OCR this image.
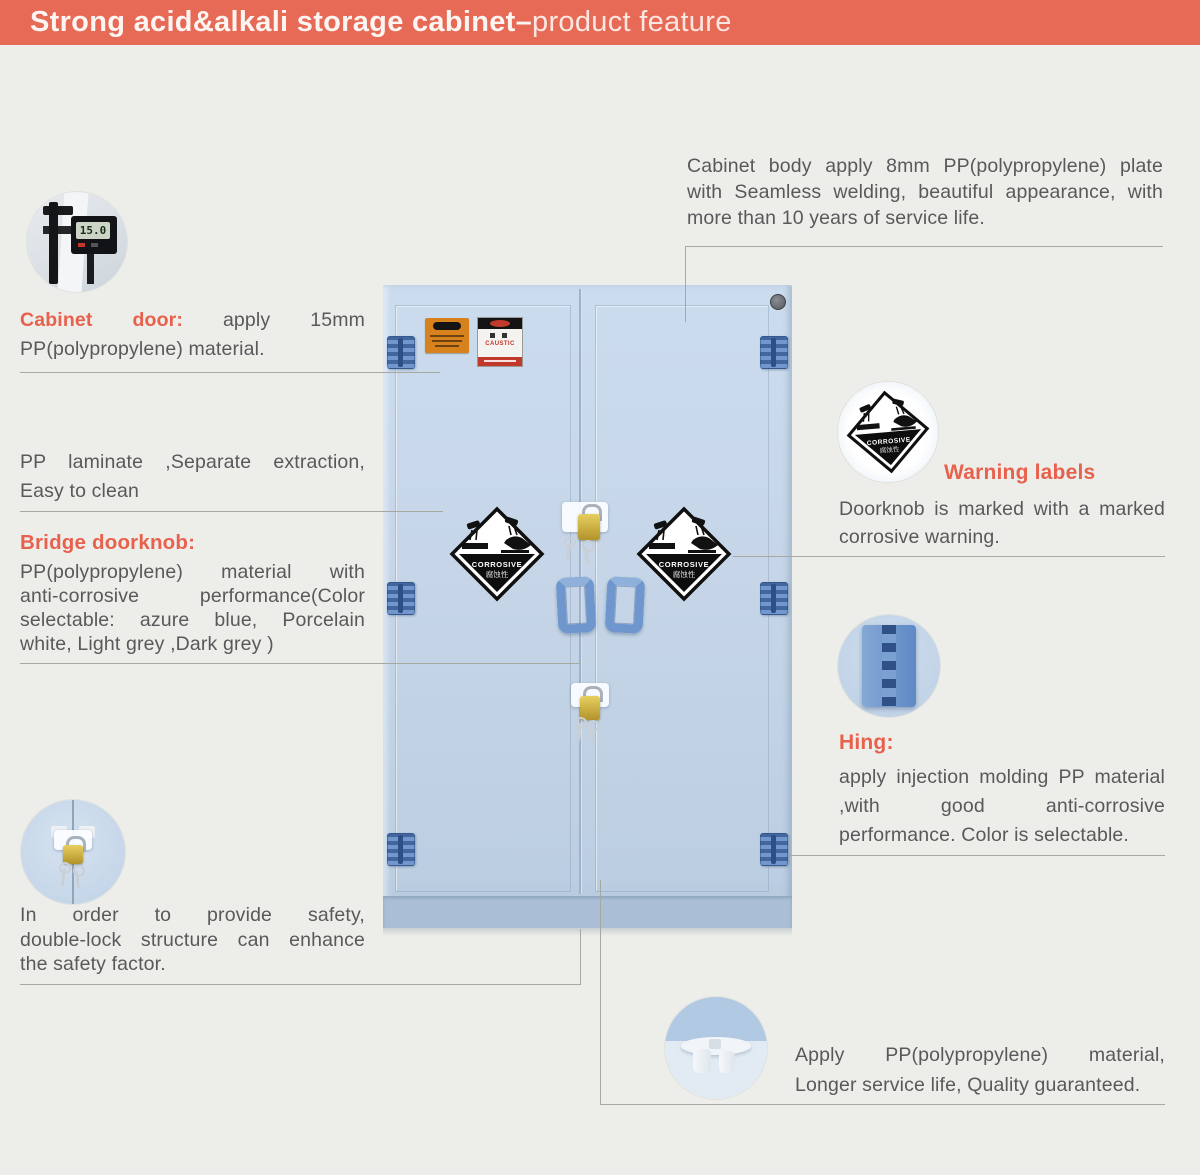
Strong acid&alkali storage cabinet– product feature
CAUSTIC
CORROSIVE
腐蚀性
CORROSIVE
腐蚀性
15.0
Cabinet door: apply 15mm
PP(polypropylene) material.
PP laminate ,Separate extraction,
Easy to clean
Bridge doorknob:
PP(polypropylene) material with
anti-corrosive performance(Color
selectable: azure blue, Porcelain
white, Light grey ,Dark grey )
In order to provide safety,
double-lock structure can enhance
the safety factor.
Cabinet body apply 8mm PP(polypropylene) plate
with Seamless welding, beautiful appearance, with
more than 10 years of service life.
CORROSIVE
腐蚀性
Warning labels
Doorknob is marked with a marked
corrosive warning.
Hing:
apply injection molding PP material
,with good anti-corrosive
performance. Color is selectable.
Apply PP(polypropylene) material,
Longer service life, Quality guaranteed.
